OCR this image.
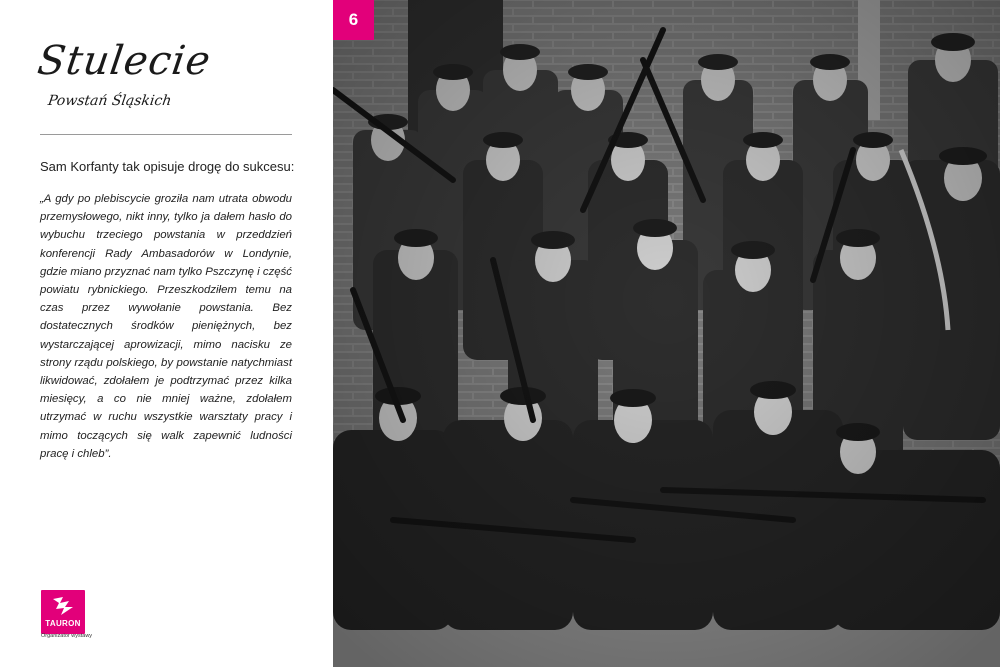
Stulecie
Powstań Śląskich

Sam Korfanty tak opisuje drogę do sukcesu:

„A gdy po plebiscycie groziła nam utrata obwodu przemysłowego, nikt inny, tylko ja dałem hasło do wybuchu trzeciego powstania w przeddzień konferencji Rady Ambasadorów w Londynie, gdzie miano przyznać nam tylko Pszczynę i część powiatu rybnickiego. Przeszkodziłem temu na czas przez wywołanie powstania. Bez dostatecznych środków pieniężnych, bez wystarczającej aprowizacji, mimo nacisku ze strony rządu polskiego, by powstanie natychmiast likwidować, zdołałem je podtrzymać przez kilka miesięcy, a co nie mniej ważne, zdołałem utrzymać w ruchu wszystkie warsztaty pracy i mimo toczących się walk zapewnić ludności pracę i chleb”.

TAURON
Organizator wystawy
6
